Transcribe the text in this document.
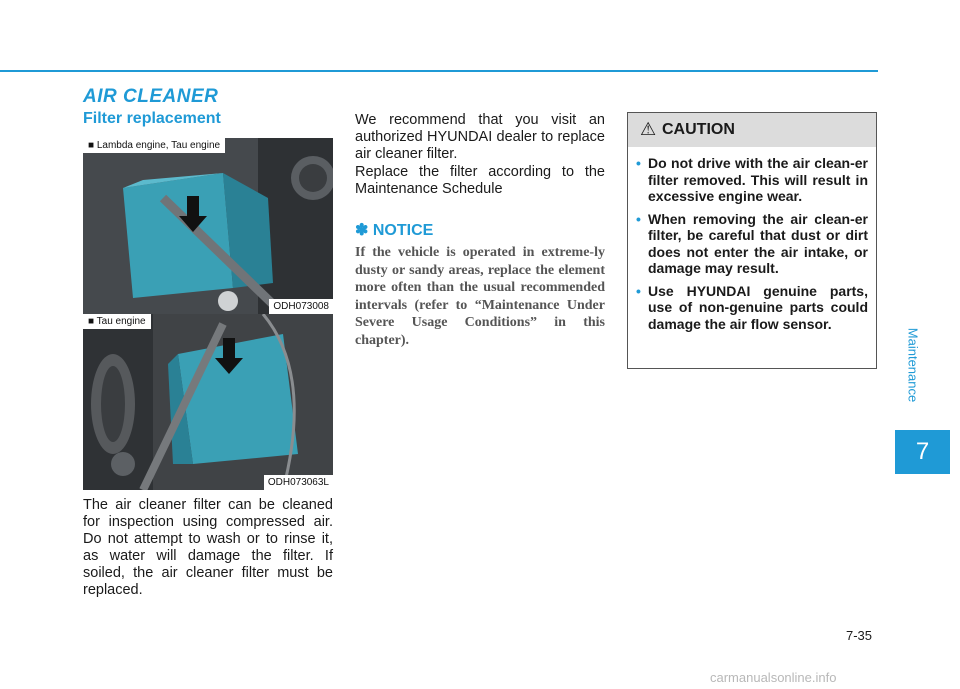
Maintenance
7
AIR CLEANER
Filter replacement
■ Lambda engine, Tau engine
ODH073008
■ Tau engine
ODH073063L
The air cleaner filter can be cleaned for inspection using compressed air. Do not attempt to wash or to rinse it, as water will damage the filter. If soiled, the air cleaner filter must be replaced.
We recommend that you visit an authorized HYUNDAI dealer to replace air cleaner filter.
Replace the filter according to the Maintenance Schedule
✽ NOTICE
If the vehicle is operated in extreme-ly dusty or sandy areas, replace the element more often than the usual recommended intervals (refer to “Maintenance Under Severe Usage Conditions” in this chapter).
⚠ CAUTION
• Do not drive with the air clean-er filter removed. This will result in excessive engine wear.
• When removing the air clean-er filter, be careful that dust or dirt does not enter the air intake, or damage may result.
• Use HYUNDAI genuine parts, use of non-genuine parts could damage the air flow sensor.
7-35
carmanualsonline.info
